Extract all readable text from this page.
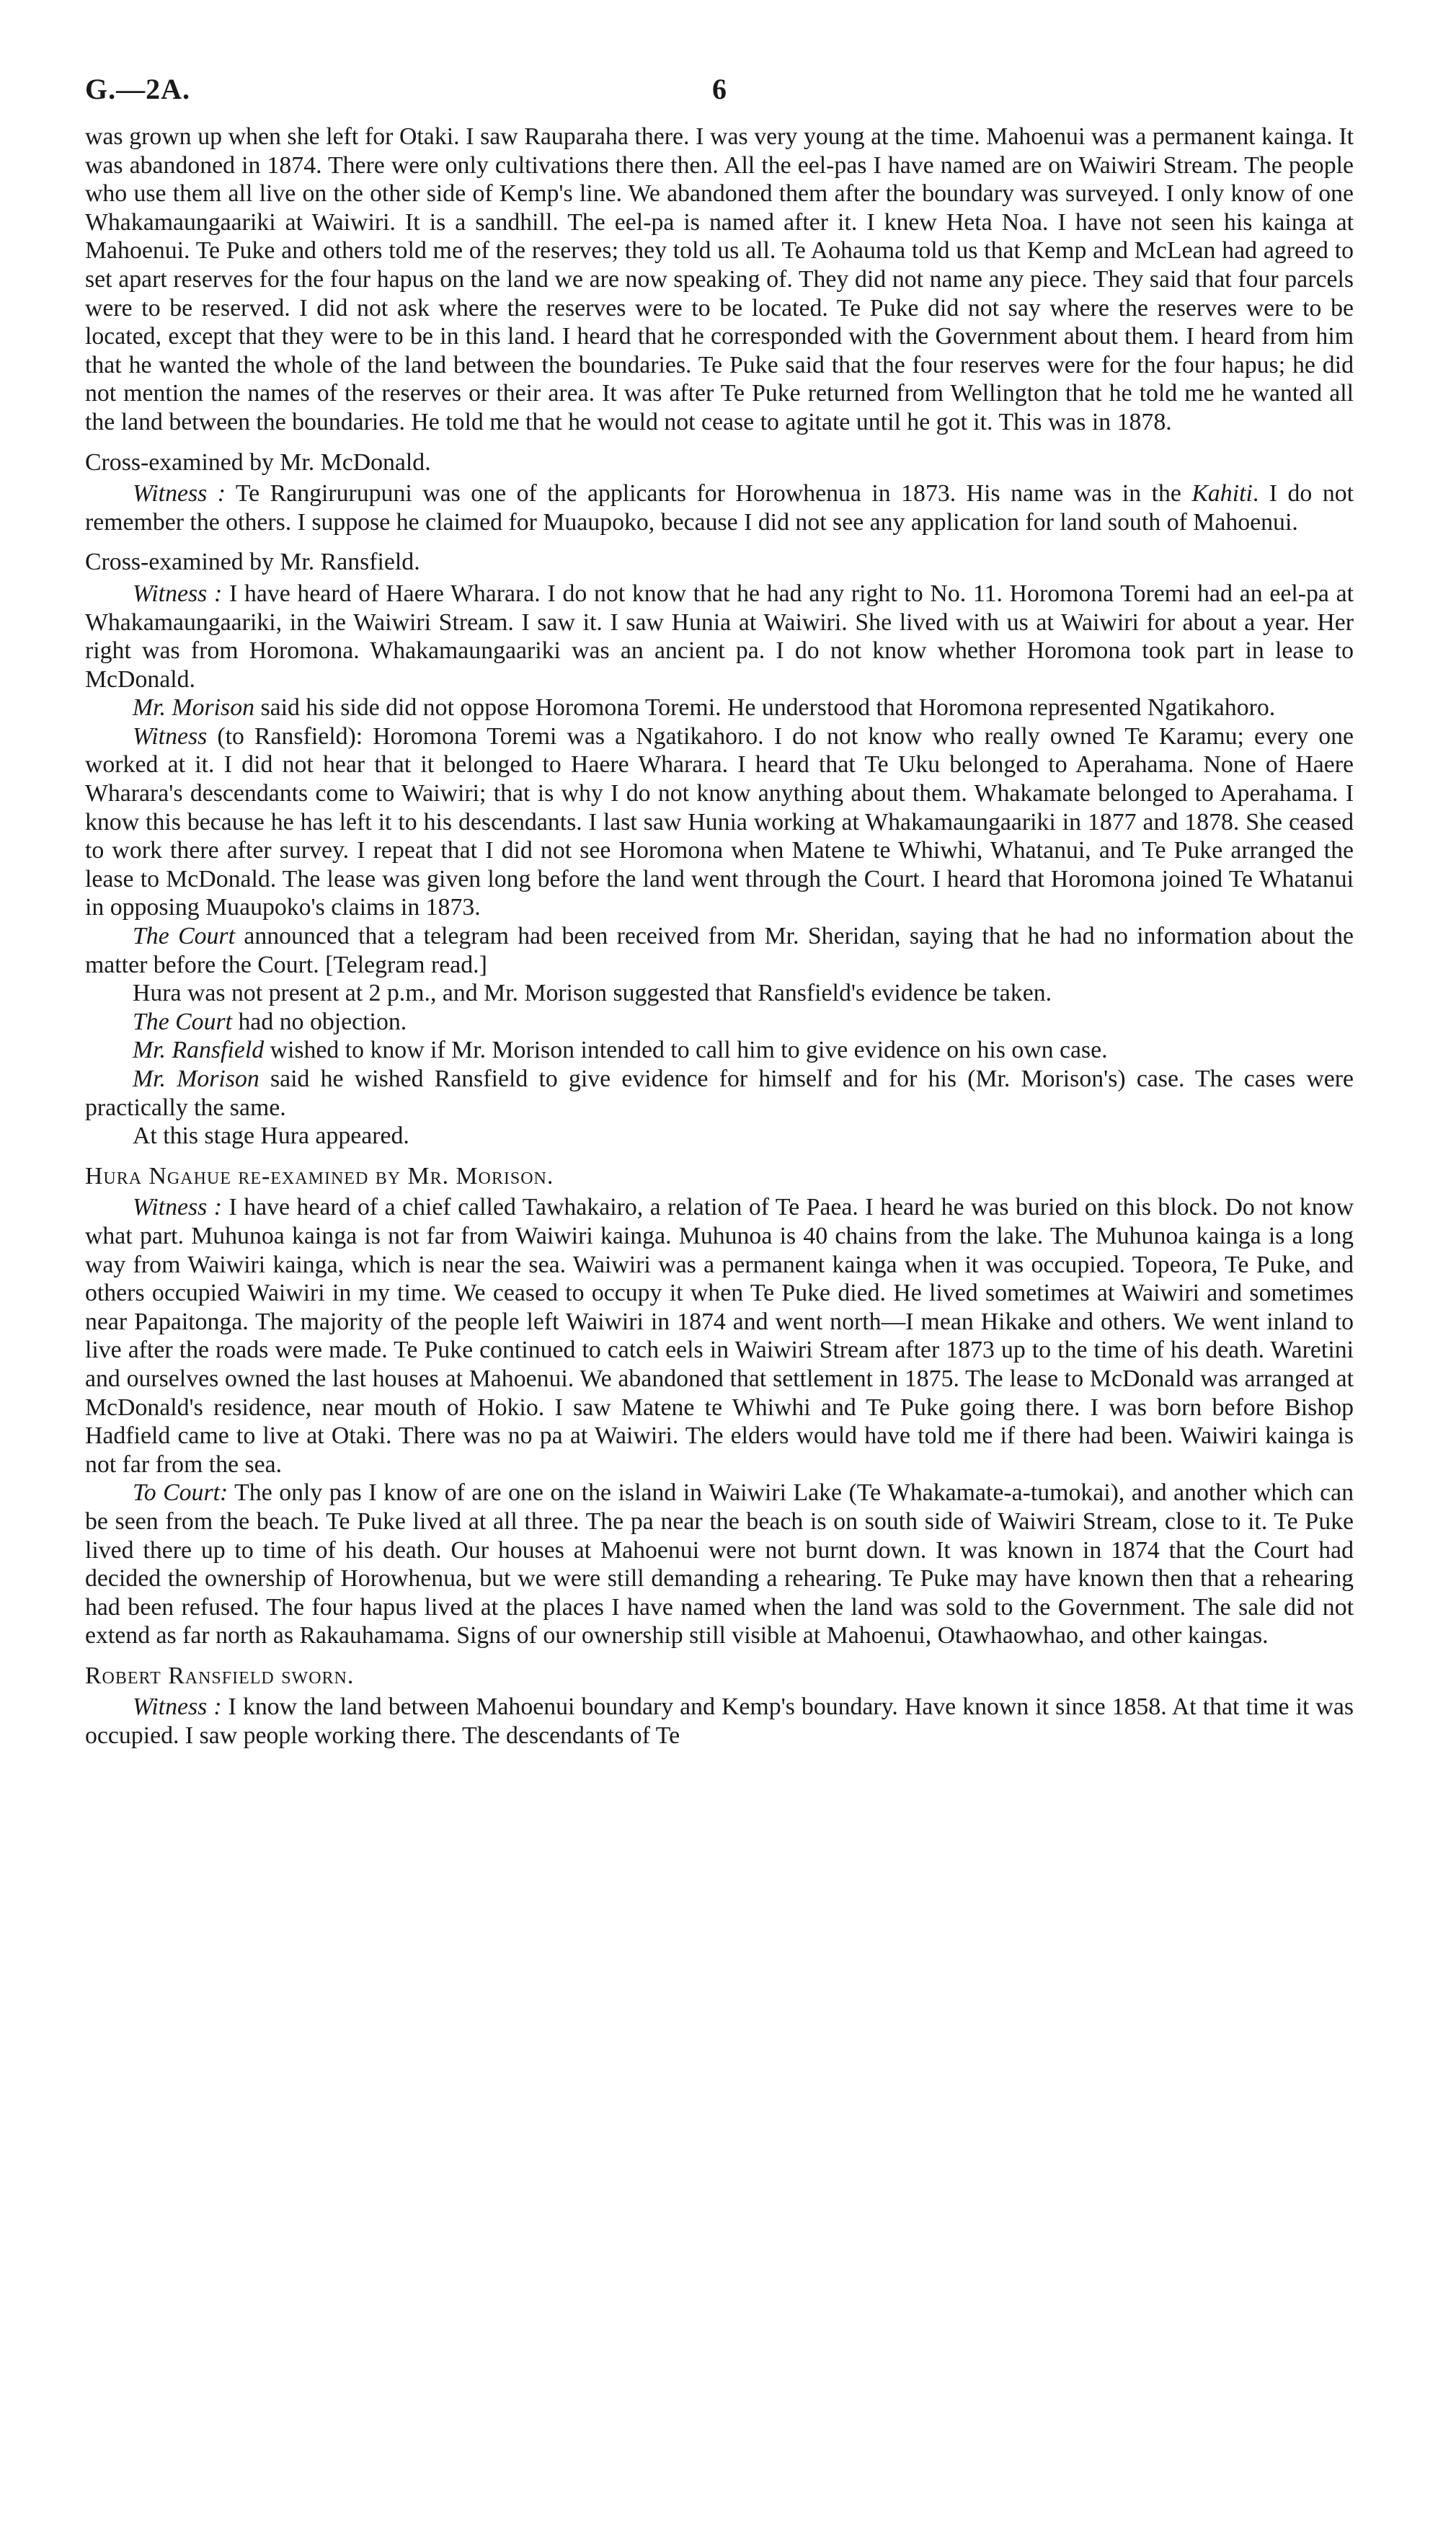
G.—2A.	6

was grown up when she left for Otaki. I saw Rauparaha there. I was very young at the time. Mahoenui was a permanent kainga. It was abandoned in 1874. There were only cultivations there then. All the eel-pas I have named are on Waiwiri Stream. The people who use them all live on the other side of Kemp's line. We abandoned them after the boundary was surveyed. I only know of one Whakamaungaariki at Waiwiri. It is a sandhill. The eel-pa is named after it. I knew Heta Noa. I have not seen his kainga at Mahoenui. Te Puke and others told me of the reserves; they told us all. Te Aohauma told us that Kemp and McLean had agreed to set apart reserves for the four hapus on the land we are now speaking of. They did not name any piece. They said that four parcels were to be reserved. I did not ask where the reserves were to be located. Te Puke did not say where the reserves were to be located, except that they were to be in this land. I heard that he corresponded with the Government about them. I heard from him that he wanted the whole of the land between the boundaries. Te Puke said that the four reserves were for the four hapus; he did not mention the names of the reserves or their area. It was after Te Puke returned from Wellington that he told me he wanted all the land between the boundaries. He told me that he would not cease to agitate until he got it. This was in 1878.

Cross-examined by Mr. McDonald.

Witness : Te Rangirurupuni was one of the applicants for Horowhenua in 1873. His name was in the Kahiti. I do not remember the others. I suppose he claimed for Muaupoko, because I did not see any application for land south of Mahoenui.

Cross-examined by Mr. Ransfield.

Witness : I have heard of Haere Wharara. I do not know that he had any right to No. 11. Horomona Toremi had an eel-pa at Whakamaungaariki, in the Waiwiri Stream. I saw it. I saw Hunia at Waiwiri. She lived with us at Waiwiri for about a year. Her right was from Horomona. Whakamaungaariki was an ancient pa. I do not know whether Horomona took part in lease to McDonald.

Mr. Morison said his side did not oppose Horomona Toremi. He understood that Horomona represented Ngatikahoro.

Witness (to Ransfield): Horomona Toremi was a Ngatikahoro. I do not know who really owned Te Karamu; every one worked at it. I did not hear that it belonged to Haere Wharara. I heard that Te Uku belonged to Aperahama. None of Haere Wharara's descendants come to Waiwiri; that is why I do not know anything about them. Whakamate belonged to Aperahama. I know this because he has left it to his descendants. I last saw Hunia working at Whakamaungaariki in 1877 and 1878. She ceased to work there after survey. I repeat that I did not see Horomona when Matene te Whiwhi, Whatanui, and Te Puke arranged the lease to McDonald. The lease was given long before the land went through the Court. I heard that Horomona joined Te Whatanui in opposing Muaupoko's claims in 1873.

The Court announced that a telegram had been received from Mr. Sheridan, saying that he had no information about the matter before the Court. [Telegram read.]

Hura was not present at 2 p.m., and Mr. Morison suggested that Ransfield's evidence be taken.

The Court had no objection.

Mr. Ransfield wished to know if Mr. Morison intended to call him to give evidence on his own case.

Mr. Morison said he wished Ransfield to give evidence for himself and for his (Mr. Morison's) case. The cases were practically the same.

At this stage Hura appeared.

Hura Ngahue re-examined by Mr. Morison.

Witness : I have heard of a chief called Tawhakairo, a relation of Te Paea. I heard he was buried on this block. Do not know what part. Muhunoa kainga is not far from Waiwiri kainga. Muhunoa is 40 chains from the lake. The Muhunoa kainga is a long way from Waiwiri kainga, which is near the sea. Waiwiri was a permanent kainga when it was occupied. Topeora, Te Puke, and others occupied Waiwiri in my time. We ceased to occupy it when Te Puke died. He lived sometimes at Waiwiri and sometimes near Papaitonga. The majority of the people left Waiwiri in 1874 and went north—I mean Hikake and others. We went inland to live after the roads were made. Te Puke continued to catch eels in Waiwiri Stream after 1873 up to the time of his death. Waretini and ourselves owned the last houses at Mahoenui. We abandoned that settlement in 1875. The lease to McDonald was arranged at McDonald's residence, near mouth of Hokio. I saw Matene te Whiwhi and Te Puke going there. I was born before Bishop Hadfield came to live at Otaki. There was no pa at Waiwiri. The elders would have told me if there had been. Waiwiri kainga is not far from the sea.

To Court: The only pas I know of are one on the island in Waiwiri Lake (Te Whakamate-a-tumokai), and another which can be seen from the beach. Te Puke lived at all three. The pa near the beach is on south side of Waiwiri Stream, close to it. Te Puke lived there up to time of his death. Our houses at Mahoenui were not burnt down. It was known in 1874 that the Court had decided the ownership of Horowhenua, but we were still demanding a rehearing. Te Puke may have known then that a rehearing had been refused. The four hapus lived at the places I have named when the land was sold to the Government. The sale did not extend as far north as Rakauhamama. Signs of our ownership still visible at Mahoenui, Otawhaowhao, and other kaingas.

Robert Ransfield sworn.

Witness : I know the land between Mahoenui boundary and Kemp's boundary. Have known it since 1858. At that time it was occupied. I saw people working there. The descendants of Te
